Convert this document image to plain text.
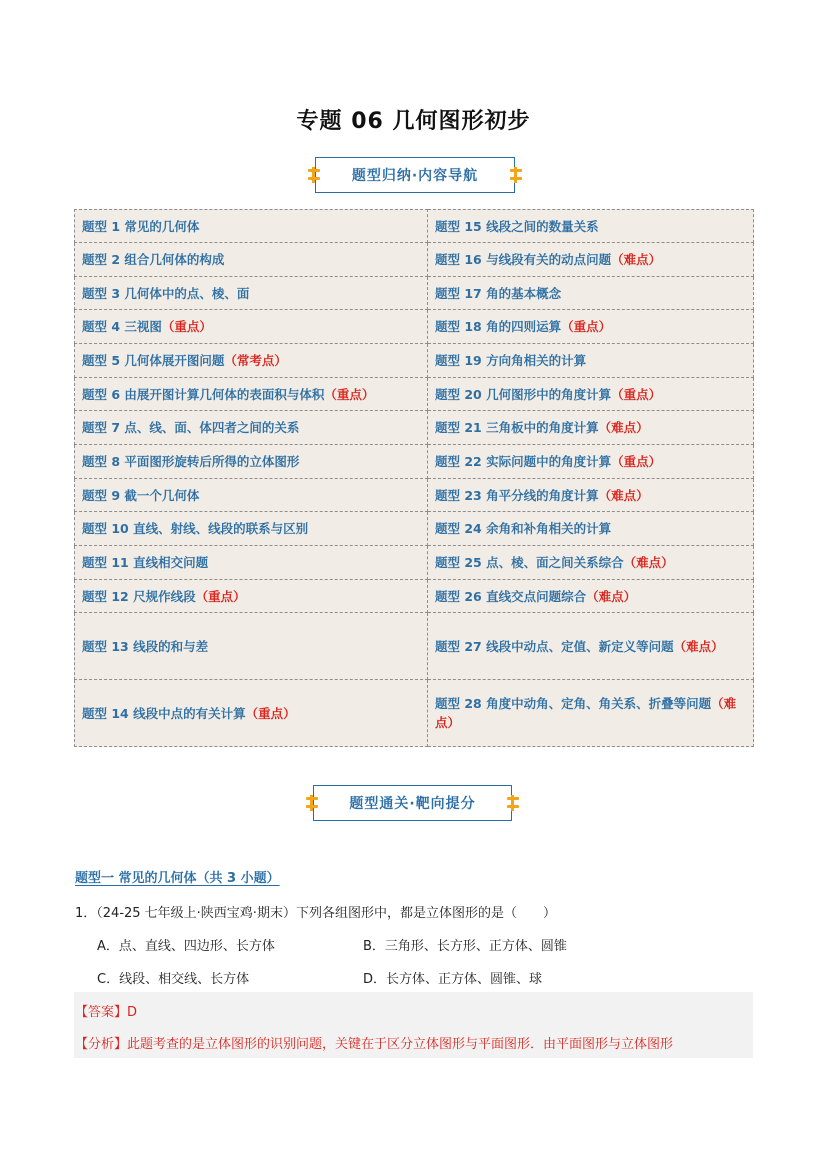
专题 06 几何图形初步
题型归纳·内容导航
题型 1 常见的几何体	题型 15 线段之间的数量关系
题型 2 组合几何体的构成	题型 16 与线段有关的动点问题（难点）
题型 3 几何体中的点、棱、面	题型 17 角的基本概念
题型 4 三视图（重点）	题型 18 角的四则运算（重点）
题型 5 几何体展开图问题（常考点）	题型 19 方向角相关的计算
题型 6 由展开图计算几何体的表面积与体积（重点）	题型 20 几何图形中的角度计算（重点）
题型 7 点、线、面、体四者之间的关系	题型 21 三角板中的角度计算（难点）
题型 8 平面图形旋转后所得的立体图形	题型 22 实际问题中的角度计算（重点）
题型 9 截一个几何体	题型 23 角平分线的角度计算（难点）
题型 10 直线、射线、线段的联系与区别	题型 24 余角和补角相关的计算
题型 11 直线相交问题	题型 25 点、棱、面之间关系综合（难点）
题型 12 尺规作线段（重点）	题型 26 直线交点问题综合（难点）
题型 13 线段的和与差	题型 27 线段中动点、定值、新定义等问题（难点）
题型 14 线段中点的有关计算（重点）	题型 28 角度中动角、定角、角关系、折叠等问题（难点）
题型通关·靶向提分
题型一 常见的几何体（共 3 小题）
1．（24-25 七年级上·陕西宝鸡·期末）下列各组图形中，都是立体图形的是（　　）
A．点、直线、四边形、长方体	B．三角形、长方形、正方体、圆锥
C．线段、相交线、长方体	D．长方体、正方体、圆锥、球
【答案】D
【分析】此题考查的是立体图形的识别问题，关键在于区分立体图形与平面图形．由平面图形与立体图形
